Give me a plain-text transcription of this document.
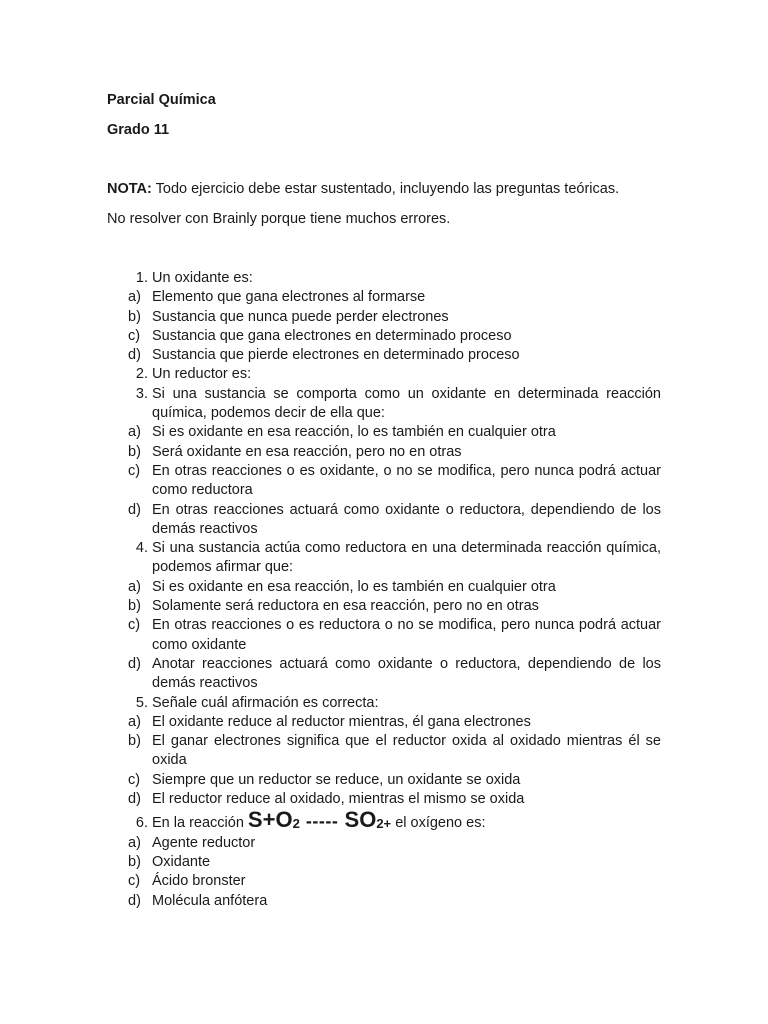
Parcial Química
Grado 11
NOTA: Todo ejercicio debe estar sustentado, incluyendo las preguntas teóricas.
No resolver con Brainly porque tiene muchos errores.
1. Un oxidante es:
a) Elemento que gana electrones al formarse
b) Sustancia que nunca puede perder electrones
c) Sustancia que gana electrones en determinado proceso
d) Sustancia que pierde electrones en determinado proceso
2. Un reductor es:
3. Si una sustancia se comporta como un oxidante en determinada reacción química, podemos decir de ella que:
a) Si es oxidante en esa reacción, lo es también en cualquier otra
b) Será oxidante en esa reacción, pero no en otras
c) En otras reacciones o es oxidante, o no se modifica, pero nunca podrá actuar como reductora
d) En otras reacciones actuará como oxidante o reductora, dependiendo de los demás reactivos
4. Si una sustancia actúa como reductora en una determinada reacción química, podemos afirmar que:
a) Si es oxidante en esa reacción, lo es también en cualquier otra
b) Solamente será reductora en esa reacción, pero no en otras
c) En otras reacciones o es reductora o no se modifica, pero nunca podrá actuar como oxidante
d) Anotar reacciones actuará como oxidante o reductora, dependiendo de los demás reactivos
5. Señale cuál afirmación es correcta:
a) El oxidante reduce al reductor mientras, él gana electrones
b) El ganar electrones significa que el reductor oxida al oxidado mientras él se oxida
c) Siempre que un reductor se reduce, un oxidante se oxida
d) El reductor reduce al oxidado, mientras el mismo se oxida
6. En la reacción $S+O_2$ ----- $SO_{2+}$ el oxígeno es:
a) Agente reductor
b) Oxidante
c) Ácido bronster
d) Molécula anfótera
